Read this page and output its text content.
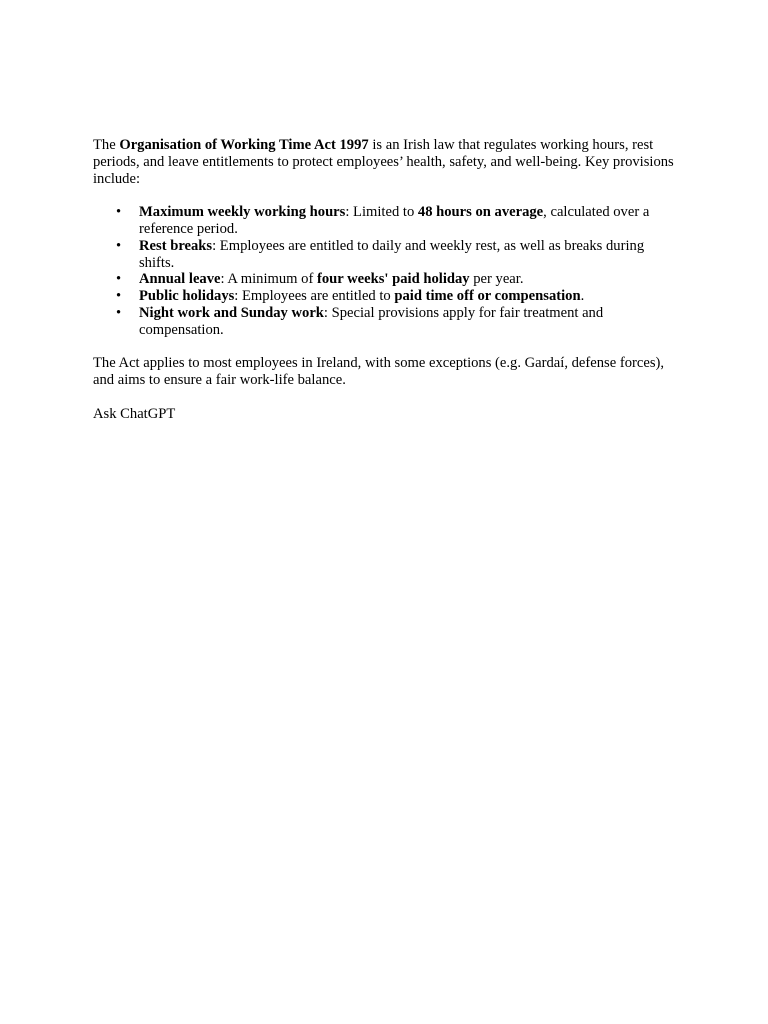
The Organisation of Working Time Act 1997 is an Irish law that regulates working hours, rest periods, and leave entitlements to protect employees’ health, safety, and well-being. Key provisions include:

• Maximum weekly working hours: Limited to 48 hours on average, calculated over a reference period.
• Rest breaks: Employees are entitled to daily and weekly rest, as well as breaks during shifts.
• Annual leave: A minimum of four weeks' paid holiday per year.
• Public holidays: Employees are entitled to paid time off or compensation.
• Night work and Sunday work: Special provisions apply for fair treatment and compensation.

The Act applies to most employees in Ireland, with some exceptions (e.g. Gardaí, defense forces), and aims to ensure a fair work-life balance.

Ask ChatGPT
